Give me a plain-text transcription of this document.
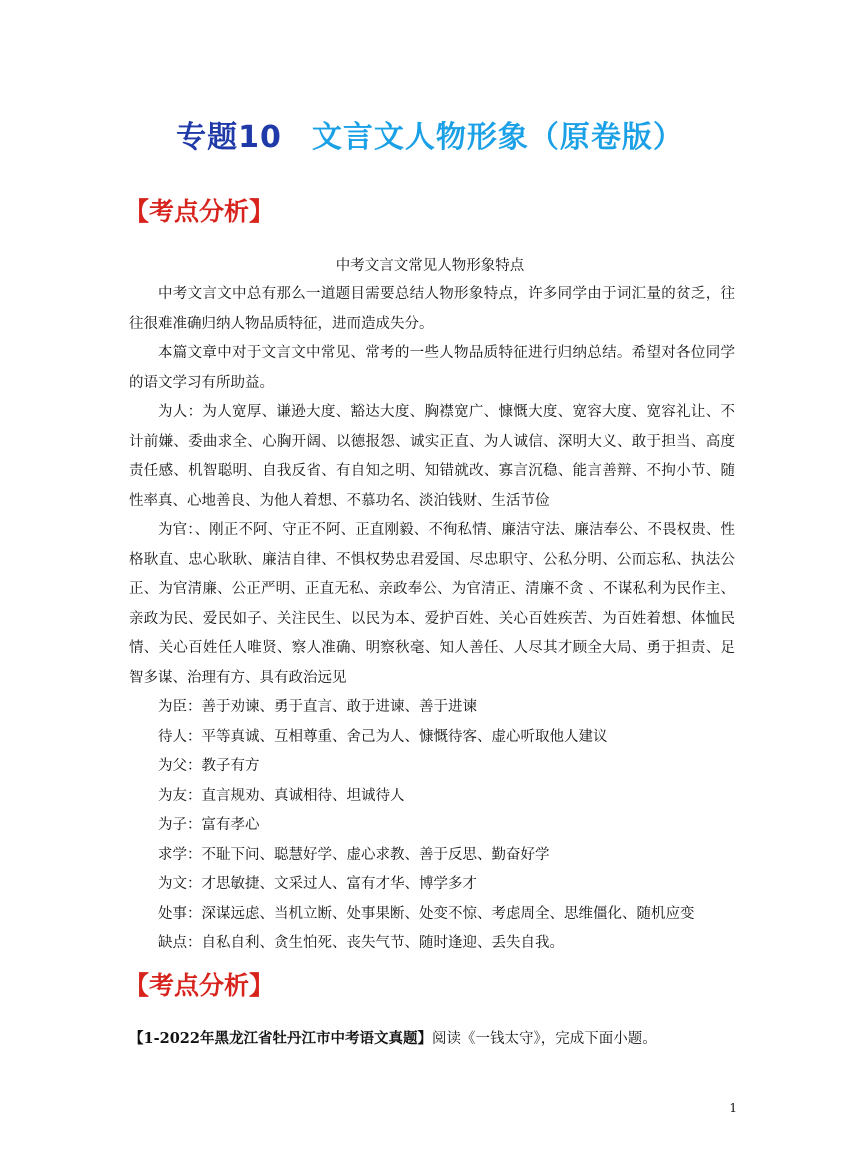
专题10 文言文人物形象（原卷版）
【考点分析】
中考文言文常见人物形象特点

中考文言文中总有那么一道题目需要总结人物形象特点，许多同学由于词汇量的贫乏，往往很难准确归纳人物品质特征，进而造成失分。

本篇文章中对于文言文中常见、常考的一些人物品质特征进行归纳总结。希望对各位同学的语文学习有所助益。

为人：为人宽厚、谦逊大度、豁达大度、胸襟宽广、慷慨大度、宽容大度、宽容礼让、不计前嫌、委曲求全、心胸开阔、以德报怨、诚实正直、为人诚信、深明大义、敢于担当、高度责任感、机智聪明、自我反省、有自知之明、知错就改、寡言沉稳、能言善辩、不拘小节、随性率真、心地善良、为他人着想、不慕功名、淡泊钱财、生活节俭
为官：、刚正不阿、守正不阿、正直刚毅、不徇私情、廉洁守法、廉洁奉公、不畏权贵、性格耿直、忠心耿耿、廉洁自律、不惧权势忠君爱国、尽忠职守、公私分明、公而忘私、执法公正、为官清廉、公正严明、正直无私、亲政奉公、为官清正、清廉不贪 、不谋私利为民作主、亲政为民、爱民如子、关注民生、以民为本、爱护百姓、关心百姓疾苦、为百姓着想、体恤民情、关心百姓任人唯贤、察人准确、明察秋毫、知人善任、人尽其才顾全大局、勇于担责、足智多谋、治理有方、具有政治远见
为臣：善于劝谏、勇于直言、敢于进谏、善于进谏
待人：平等真诚、互相尊重、舍己为人、慷慨待客、虚心听取他人建议
为父：教子有方
为友：直言规劝、真诚相待、坦诚待人
为子：富有孝心
求学：不耻下问、聪慧好学、虚心求教、善于反思、勤奋好学
为文：才思敏捷、文采过人、富有才华、博学多才
处事：深谋远虑、当机立断、处事果断、处变不惊、考虑周全、思维僵化、随机应变
缺点：自私自利、贪生怕死、丧失气节、随时逢迎、丢失自我。
【考点分析】
【1-2022年黑龙江省牡丹江市中考语文真题】阅读《一钱太守》，完成下面小题。
1
